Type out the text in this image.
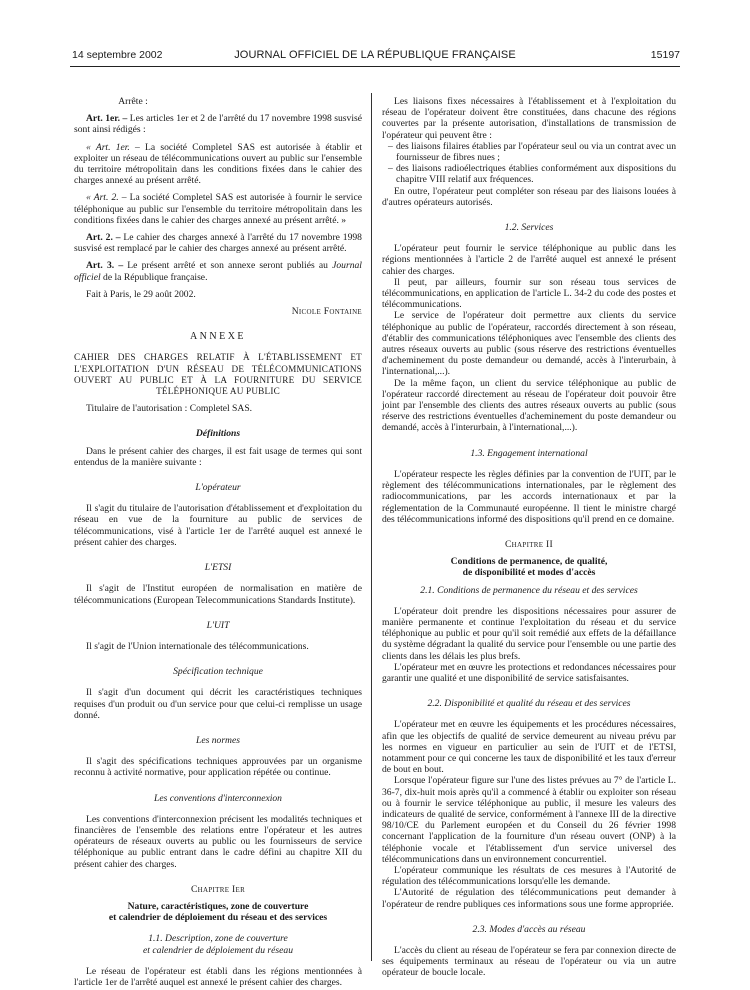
14 septembre 2002	JOURNAL OFFICIEL DE LA RÉPUBLIQUE FRANÇAISE	15197

Arrête :

Art. 1er. – Les articles 1er et 2 de l'arrêté du 17 novembre 1998 susvisé sont ainsi rédigés :

« Art. 1er. – La société Completel SAS est autorisée à établir et exploiter un réseau de télécommunications ouvert au public sur l'ensemble du territoire métropolitain dans les conditions fixées dans le cahier des charges annexé au présent arrêté.

« Art. 2. – La société Completel SAS est autorisée à fournir le service téléphonique au public sur l'ensemble du territoire métropolitain dans les conditions fixées dans le cahier des charges annexé au présent arrêté. »

Art. 2. – Le cahier des charges annexé à l'arrêté du 17 novembre 1998 susvisé est remplacé par le cahier des charges annexé au présent arrêté.

Art. 3. – Le présent arrêté et son annexe seront publiés au Journal officiel de la République française.

Fait à Paris, le 29 août 2002.

Nicole Fontaine

ANNEXE

CAHIER DES CHARGES RELATIF À L'ÉTABLISSEMENT ET L'EXPLOITATION D'UN RÉSEAU DE TÉLÉCOMMUNICATIONS OUVERT AU PUBLIC ET À LA FOURNITURE DU SERVICE TÉLÉPHONIQUE AU PUBLIC

Titulaire de l'autorisation : Completel SAS.

Définitions

Dans le présent cahier des charges, il est fait usage de termes qui sont entendus de la manière suivante :

L'opérateur

Il s'agit du titulaire de l'autorisation d'établissement et d'exploitation du réseau en vue de la fourniture au public de services de télécommunications, visé à l'article 1er de l'arrêté auquel est annexé le présent cahier des charges.

L'ETSI

Il s'agit de l'Institut européen de normalisation en matière de télécommunications (European Telecommunications Standards Institute).

L'UIT

Il s'agit de l'Union internationale des télécommunications.

Spécification technique

Il s'agit d'un document qui décrit les caractéristiques techniques requises d'un produit ou d'un service pour que celui-ci remplisse un usage donné.

Les normes

Il s'agit des spécifications techniques approuvées par un organisme reconnu à activité normative, pour application répétée ou continue.

Les conventions d'interconnexion

Les conventions d'interconnexion précisent les modalités techniques et financières de l'ensemble des relations entre l'opérateur et les autres opérateurs de réseaux ouverts au public ou les fournisseurs de service téléphonique au public entrant dans le cadre défini au chapitre XII du présent cahier des charges.

Chapitre Ier

Nature, caractéristiques, zone de couverture

et calendrier de déploiement du réseau et des services

1.1. Description, zone de couverture

et calendrier de déploiement du réseau

Le réseau de l'opérateur est établi dans les régions mentionnées à l'article 1er de l'arrêté auquel est annexé le présent cahier des charges.

Les liaisons fixes nécessaires à l'établissement et à l'exploitation du réseau de l'opérateur doivent être constituées, dans chacune des régions couvertes par la présente autorisation, d'installations de transmission de l'opérateur qui peuvent être :

– des liaisons filaires établies par l'opérateur seul ou via un contrat avec un fournisseur de fibres nues ;

– des liaisons radioélectriques établies conformément aux dispositions du chapitre VIII relatif aux fréquences.

En outre, l'opérateur peut compléter son réseau par des liaisons louées à d'autres opérateurs autorisés.

1.2. Services

L'opérateur peut fournir le service téléphonique au public dans les régions mentionnées à l'article 2 de l'arrêté auquel est annexé le présent cahier des charges.

Il peut, par ailleurs, fournir sur son réseau tous services de télécommunications, en application de l'article L. 34-2 du code des postes et télécommunications.

Le service de l'opérateur doit permettre aux clients du service téléphonique au public de l'opérateur, raccordés directement à son réseau, d'établir des communications téléphoniques avec l'ensemble des clients des autres réseaux ouverts au public (sous réserve des restrictions éventuelles d'acheminement du poste demandeur ou demandé, accès à l'interurbain, à l'international,...).

De la même façon, un client du service téléphonique au public de l'opérateur raccordé directement au réseau de l'opérateur doit pouvoir être joint par l'ensemble des clients des autres réseaux ouverts au public (sous réserve des restrictions éventuelles d'acheminement du poste demandeur ou demandé, accès à l'interurbain, à l'international,...).

1.3. Engagement international

L'opérateur respecte les règles définies par la convention de l'UIT, par le règlement des télécommunications internationales, par le règlement des radiocommunications, par les accords internationaux et par la réglementation de la Communauté européenne. Il tient le ministre chargé des télécommunications informé des dispositions qu'il prend en ce domaine.

Chapitre II

Conditions de permanence, de qualité,

de disponibilité et modes d'accès

2.1. Conditions de permanence du réseau et des services

L'opérateur doit prendre les dispositions nécessaires pour assurer de manière permanente et continue l'exploitation du réseau et du service téléphonique au public et pour qu'il soit remédié aux effets de la défaillance du système dégradant la qualité du service pour l'ensemble ou une partie des clients dans les délais les plus brefs.

L'opérateur met en œuvre les protections et redondances nécessaires pour garantir une qualité et une disponibilité de service satisfaisantes.

2.2. Disponibilité et qualité du réseau et des services

L'opérateur met en œuvre les équipements et les procédures nécessaires, afin que les objectifs de qualité de service demeurent au niveau prévu par les normes en vigueur en particulier au sein de l'UIT et de l'ETSI, notamment pour ce qui concerne les taux de disponibilité et les taux d'erreur de bout en bout.

Lorsque l'opérateur figure sur l'une des listes prévues au 7° de l'article L. 36-7, dix-huit mois après qu'il a commencé à établir ou exploiter son réseau ou à fournir le service téléphonique au public, il mesure les valeurs des indicateurs de qualité de service, conformément à l'annexe III de la directive 98/10/CE du Parlement européen et du Conseil du 26 février 1998 concernant l'application de la fourniture d'un réseau ouvert (ONP) à la téléphonie vocale et l'établissement d'un service universel des télécommunications dans un environnement concurrentiel.

L'opérateur communique les résultats de ces mesures à l'Autorité de régulation des télécommunications lorsqu'elle les demande.

L'Autorité de régulation des télécommunications peut demander à l'opérateur de rendre publiques ces informations sous une forme appropriée.

2.3. Modes d'accès au réseau

L'accès du client au réseau de l'opérateur se fera par connexion directe de ses équipements terminaux au réseau de l'opérateur ou via un autre opérateur de boucle locale.
